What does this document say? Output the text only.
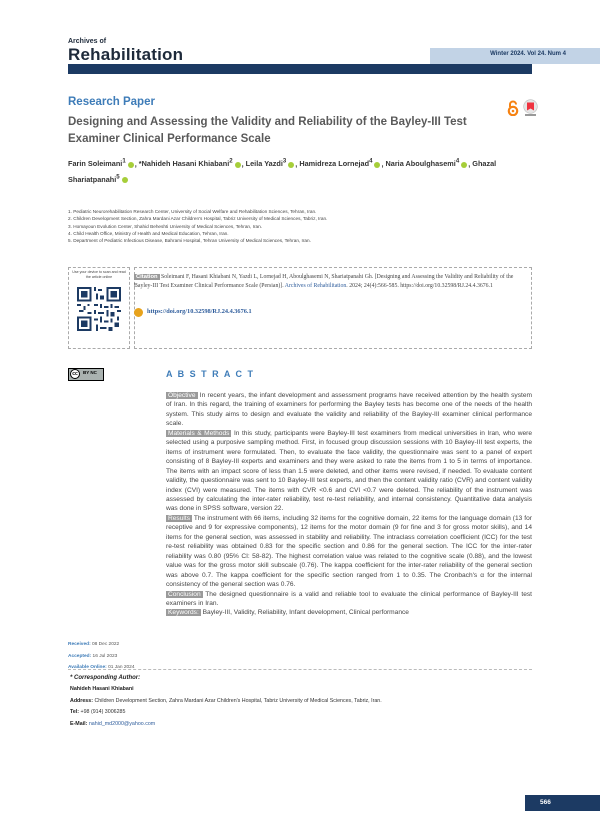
Archives of
Rehabilitation	Winter 2024. Vol 24. Num 4
Research Paper
Designing and Assessing the Validity and Reliability of the Bayley-III Test Examiner Clinical Performance Scale
Farin Soleimani$^1$ , *Nahideh Hasani Khiabani$^2$ , Leila Yazdi$^3$ , Hamidreza Lornejad$^4$ , Naria Aboulghasemi$^4$ , Ghazal Shariatpanahi$^5$
1. Pediatric Neurorehabilitation Research Center, University of Social Welfare and Rehabilitation Sciences, Tehran, Iran.
2. Children Development Section, Zahra Mardani Azar Children's Hospital, Tabriz University of Medical Sciences, Tabriz, Iran.
3. Homayoun Evolution Center, Shahid Beheshti University of Medical Sciences, Tehran, Iran.
4. Child Health Office, Ministry of Health and Medical Education, Tehran, Iran.
5. Department of Pediatric Infectious Disease, Bahrami Hospital, Tehran University of Medical Sciences, Tehran, Iran.
Use your device to scan and read the article online	Citation Soleimani F, Hasani Khiabani N, Yazdi L, Lornejad H, Aboulghasemi N, Shariatpanahi Gh. [Designing and Assessing the Validity and Reliability of the Bayley-III Test Examiner Clinical Performance Scale (Persian)]. Archives of Rehabilitation. 2024; 24(4):566-585. https://doi.org/10.32598/RJ.24.4.3676.1
https://doi.org/10.32598/RJ.24.4.3676.1
cc	BY NC	A B S T R A C T
Objective In recent years, the infant development and assessment programs have received attention by the health system of Iran. In this regard, the training of examiners for performing the Bayley tests has become one of the needs of the health system. This study aims to design and evaluate the validity and reliability of the Bayley-III examiner clinical performance scale.
Materials & Methods In this study, participants were Bayley-III test examiners from medical universities in Iran, who were selected using a purposive sampling method. First, in focused group discussion sessions with 10 Bayley-III test experts, the items of instrument were formulated. Then, to evaluate the face validity, the questionnaire was sent to a panel of expert consisting of 8 Bayley-III experts and examiners and they were asked to rate the items from 1 to 5 in terms of importance. The items with an impact score of less than 1.5 were deleted, and other items were revised, if needed. To evaluate content validity, the questionnaire was sent to 10 Bayley-III test experts, and then the content validity ratio (CVR) and content validity index (CVI) were measured. The items with CVR <0.6 and CVI <0.7 were deleted. The reliability of the instrument was assessed by calculating the inter-rater reliability, test re-test reliability, and internal consistency. Quantitative data analysis was done in SPSS software, version 22.
Results The instrument with 66 items, including 32 items for the cognitive domain, 22 items for the language domain (13 for receptive and 9 for expressive components), 12 items for the motor domain (9 for fine and 3 for gross motor skills), and 14 items for the general section, was assessed in stability and reliability. The intraclass correlation coefficient (ICC) for the test re-test reliability was obtained 0.83 for the specific section and 0.86 for the general section. The ICC for the inter-rater reliability was 0.80 (95% CI: 58-82). The highest correlation value was related to the cognitive scale (0.88), and the lowest value was for the gross motor skill subscale (0.76). The kappa coefficient for the inter-rater reliability of the general section was above 0.7. The kappa coefficient for the specific section ranged from 1 to 0.35. The Cronbach's α for the internal consistency of the general section was 0.76.
Conclusion The designed questionnaire is a valid and reliable tool to evaluate the clinical performance of Bayley-III test examiners in Iran.
Keywords: Bayley-III, Validity, Reliability, Infant development, Clinical performance
Received: 08 Dec 2022
Accepted: 16 Jul 2023
Available Online: 01 Jan 2024
* Corresponding Author:
Nahideh Hasani Khiabani
Address: Children Development Section, Zahra Mardani Azar Children's Hospital, Tabriz University of Medical Sciences, Tabriz, Iran.
Tel: +98 (914) 3006285
E-Mail: nahid_md2000@yahoo.com
566
